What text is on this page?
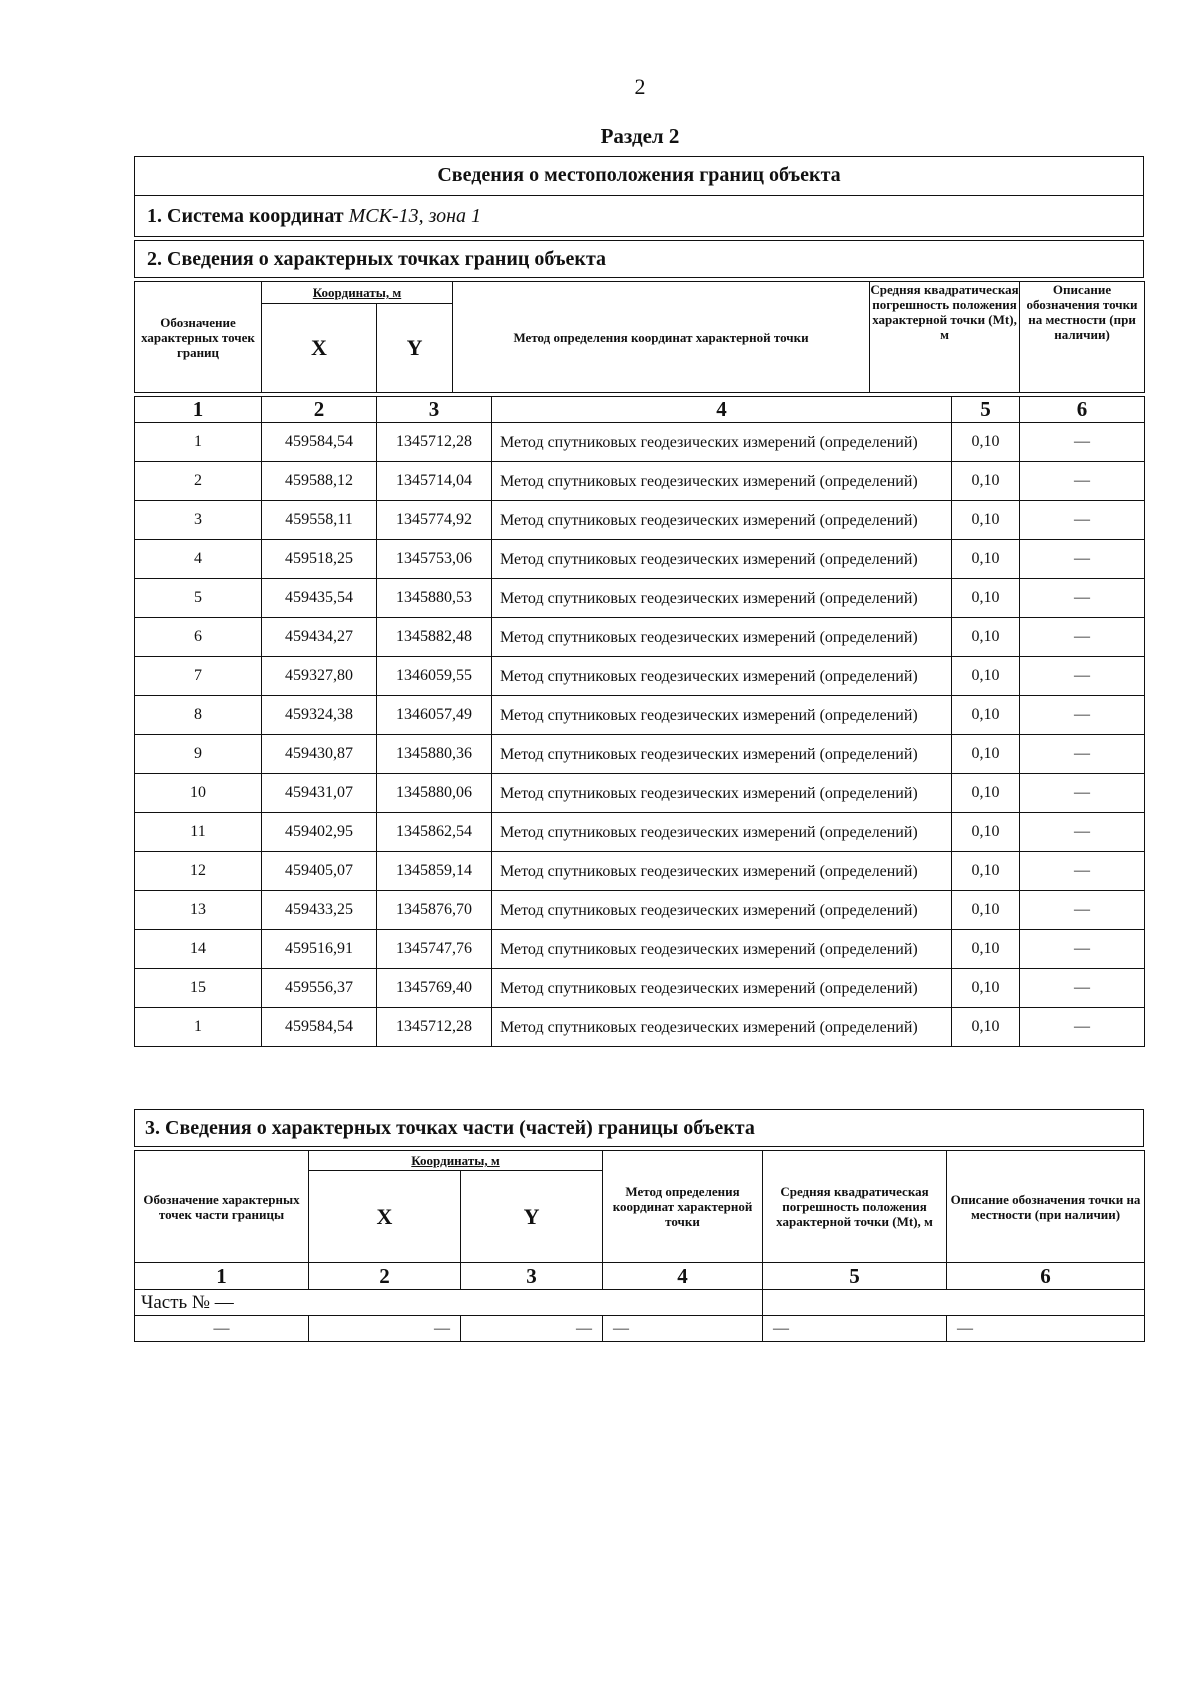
2
Раздел 2
Сведения о местоположения границ объекта
1. Система координат МСК-13, зона 1
2. Сведения о характерных точках границ объекта
Обозначение характерных точек границ	Координаты, м		Метод определения координат характерной точки	Средняя квадратическая погрешность положения характерной точки (Mt), м	Описание обозначения точки на местности (при наличии)
	X	Y			
1	2	3	4	5	6
1	459584,54	1345712,28	Метод спутниковых геодезических измерений (определений)	0,10	—
2	459588,12	1345714,04	Метод спутниковых геодезических измерений (определений)	0,10	—
3	459558,11	1345774,92	Метод спутниковых геодезических измерений (определений)	0,10	—
4	459518,25	1345753,06	Метод спутниковых геодезических измерений (определений)	0,10	—
5	459435,54	1345880,53	Метод спутниковых геодезических измерений (определений)	0,10	—
6	459434,27	1345882,48	Метод спутниковых геодезических измерений (определений)	0,10	—
7	459327,80	1346059,55	Метод спутниковых геодезических измерений (определений)	0,10	—
8	459324,38	1346057,49	Метод спутниковых геодезических измерений (определений)	0,10	—
9	459430,87	1345880,36	Метод спутниковых геодезических измерений (определений)	0,10	—
10	459431,07	1345880,06	Метод спутниковых геодезических измерений (определений)	0,10	—
11	459402,95	1345862,54	Метод спутниковых геодезических измерений (определений)	0,10	—
12	459405,07	1345859,14	Метод спутниковых геодезических измерений (определений)	0,10	—
13	459433,25	1345876,70	Метод спутниковых геодезических измерений (определений)	0,10	—
14	459516,91	1345747,76	Метод спутниковых геодезических измерений (определений)	0,10	—
15	459556,37	1345769,40	Метод спутниковых геодезических измерений (определений)	0,10	—
1	459584,54	1345712,28	Метод спутниковых геодезических измерений (определений)	0,10	—
3. Сведения о характерных точках части (частей) границы объекта
Обозначение характерных точек части границы	Координаты, м		Метод определения координат характерной точки	Средняя квадратическая погрешность положения характерной точки (Mt), м	Описание обозначения точки на местности (при наличии)
	X	Y			
1	2	3	4	5	6
Часть № —					
—	—	—	—	—	—
